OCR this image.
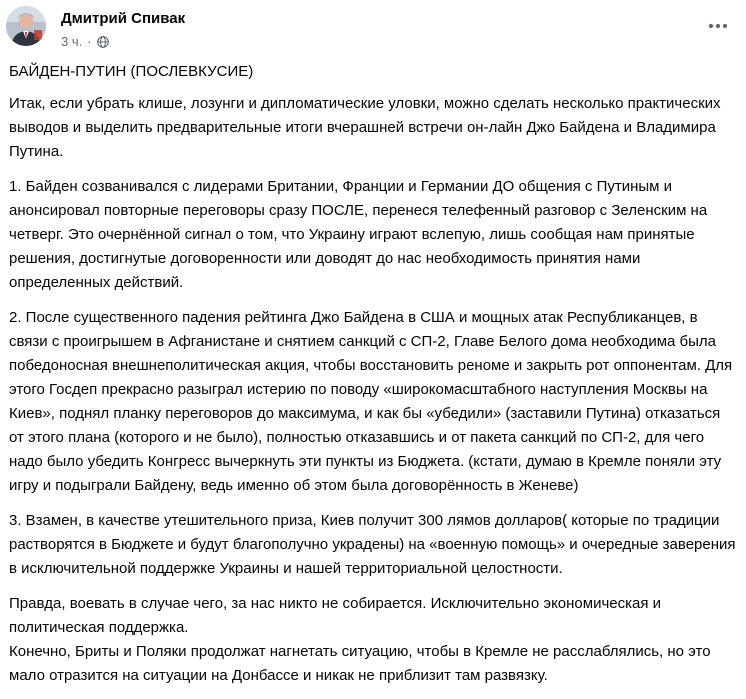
Дмитрий Спивак
3 ч. ·

БАЙДЕН-ПУТИН (ПОСЛЕВКУСИЕ)

Итак, если убрать клише, лозунги и дипломатические уловки, можно сделать несколько практических выводов и выделить предварительные итоги вчерашней встречи он-лайн Джо Байдена и Владимира Путина.

1. Байден созванивался с лидерами Британии, Франции и Германии ДО общения с Путиным и анонсировал повторные переговоры сразу ПОСЛЕ, перенеся телефенный разговор с Зеленским на четверг. Это очернённой сигнал о том, что Украину играют вслепую, лишь сообщая нам принятые решения, достигнутые договоренности или доводят до нас необходимость принятия нами определенных действий.

2. После существенного падения рейтинга Джо Байдена в США и мощных атак Республиканцев, в связи с проигрышем в Афганистане и снятием санкций с СП-2, Главе Белого дома необходима была победоносная внешнеполитическая акция, чтобы восстановить реноме и закрыть рот оппонентам. Для этого Госдеп прекрасно разыграл истерию по поводу «широкомасштабного наступления Москвы на Киев», поднял планку переговоров до максимума, и как бы «убедили» (заставили Путина) отказаться от этого плана (которого и не было), полностью отказавшись и от пакета санкций по СП-2, для чего надо было убедить Конгресс вычеркнуть эти пункты из Бюджета. (кстати, думаю в Кремле поняли эту игру и подыграли Байдену, ведь именно об этом была договорённость в Женеве)

3. Взамен, в качестве утешительного приза, Киев получит 300 лямов долларов( которые по традиции растворятся в Бюджете и будут благополучно украдены) на «военную помощь» и очередные заверения в исключительной поддержке Украины и нашей территориальной целостности.

Правда, воевать в случае чего, за нас никто не собирается. Исключительно экономическая и политическая поддержка.
Конечно, Бриты и Поляки продолжат нагнетать ситуацию, чтобы в Кремле не расслаблялись, но это мало отразится на ситуации на Донбассе и никак не приблизит там развязку.
